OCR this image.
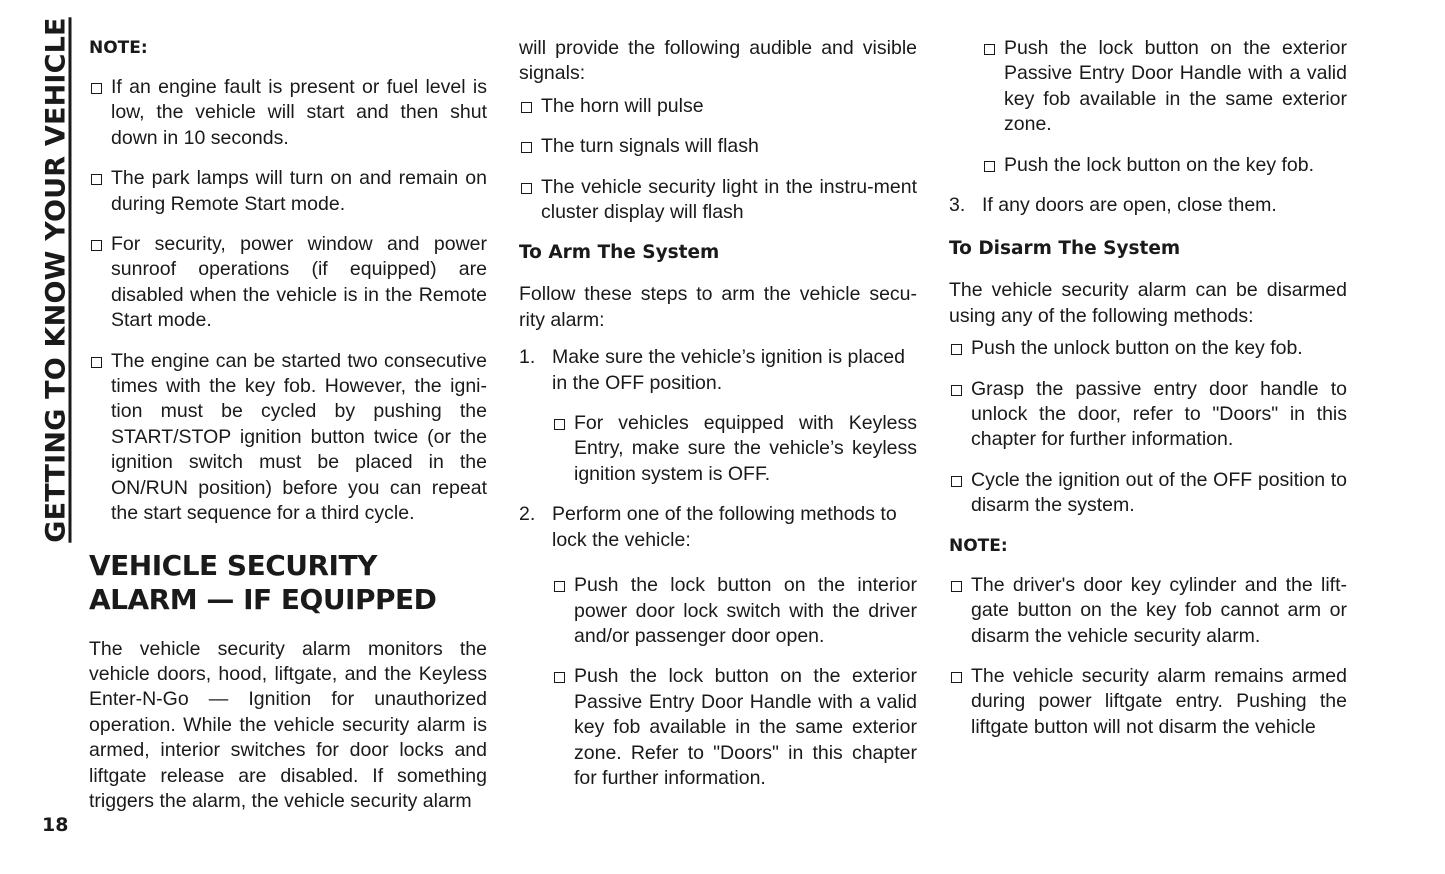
GETTING TO KNOW YOUR VEHICLE
18
NOTE:
If an engine fault is present or fuel level is low, the vehicle will start and then shut down in 10 seconds.
The park lamps will turn on and remain on during Remote Start mode.
For security, power window and power sunroof operations (if equipped) are disabled when the vehicle is in the Remote Start mode.
The engine can be started two consecutive times with the key fob. However, the igni-tion must be cycled by pushing the START/STOP ignition button twice (or the ignition switch must be placed in the ON/RUN position) before you can repeat the start sequence for a third cycle.
VEHICLE SECURITY ALARM — IF EQUIPPED
The vehicle security alarm monitors the vehicle doors, hood, liftgate, and the Keyless Enter-N-Go — Ignition for unauthorized operation. While the vehicle security alarm is armed, interior switches for door locks and liftgate release are disabled. If something triggers the alarm, the vehicle security alarm
will provide the following audible and visible signals:
The horn will pulse
The turn signals will flash
The vehicle security light in the instru-ment cluster display will flash
To Arm The System
Follow these steps to arm the vehicle secu-rity alarm:
1. Make sure the vehicle’s ignition is placed in the OFF position.
For vehicles equipped with Keyless Entry, make sure the vehicle’s keyless ignition system is OFF.
2. Perform one of the following methods to lock the vehicle:
Push the lock button on the interior power door lock switch with the driver and/or passenger door open.
Push the lock button on the exterior Passive Entry Door Handle with a valid key fob available in the same exterior zone. Refer to "Doors" in this chapter for further information.
Push the lock button on the exterior Passive Entry Door Handle with a valid key fob available in the same exterior zone.
Push the lock button on the key fob.
3. If any doors are open, close them.
To Disarm The System
The vehicle security alarm can be disarmed using any of the following methods:
Push the unlock button on the key fob.
Grasp the passive entry door handle to unlock the door, refer to "Doors" in this chapter for further information.
Cycle the ignition out of the OFF position to disarm the system.
NOTE:
The driver's door key cylinder and the lift-gate button on the key fob cannot arm or disarm the vehicle security alarm.
The vehicle security alarm remains armed during power liftgate entry. Pushing the liftgate button will not disarm the vehicle
